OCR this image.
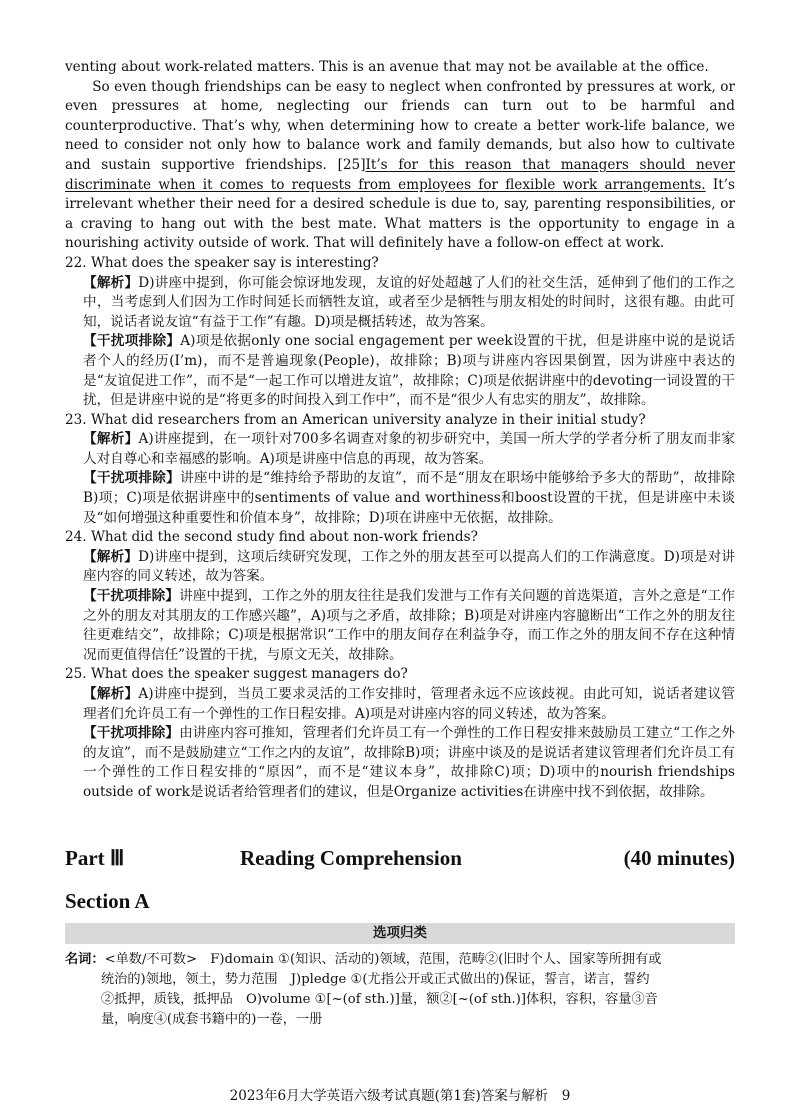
venting about work-related matters. This is an avenue that may not be available at the office.

So even though friendships can be easy to neglect when confronted by pressures at work, or even pressures at home, neglecting our friends can turn out to be harmful and counterproductive. That’s why, when determining how to create a better work-life balance, we need to consider not only how to balance work and family demands, but also how to cultivate and sustain supportive friendships. [25]It’s for this reason that managers should never discriminate when it comes to requests from employees for flexible work arrangements. It’s irrelevant whether their need for a desired schedule is due to, say, parenting responsibilities, or a craving to hang out with the best mate. What matters is the opportunity to engage in a nourishing activity outside of work. That will definitely have a follow-on effect at work.

22. What does the speaker say is interesting?

【解析】D)讲座中提到，你可能会惊讶地发现，友谊的好处超越了人们的社交生活，延伸到了他们的工作之中，当考虑到人们因为工作时间延长而牺牲友谊，或者至少是牺牲与朋友相处的时间时，这很有趣。由此可知，说话者说友谊“有益于工作”有趣。D)项是概括转述，故为答案。

【干扰项排除】A)项是依据only one social engagement per week设置的干扰，但是讲座中说的是说话者个人的经历(I’m)，而不是普遍现象(People)，故排除；B)项与讲座内容因果倒置，因为讲座中表达的是“友谊促进工作”，而不是“一起工作可以增进友谊”，故排除；C)项是依据讲座中的devoting一词设置的干扰，但是讲座中说的是“将更多的时间投入到工作中”，而不是“很少人有忠实的朋友”，故排除。

23. What did researchers from an American university analyze in their initial study?

【解析】A)讲座提到，在一项针对700多名调查对象的初步研究中，美国一所大学的学者分析了朋友而非家人对自尊心和幸福感的影响。A)项是讲座中信息的再现，故为答案。

【干扰项排除】讲座中讲的是“维持给予帮助的友谊”，而不是“朋友在职场中能够给予多大的帮助”，故排除B)项；C)项是依据讲座中的sentiments of value and worthiness和boost设置的干扰，但是讲座中未谈及“如何增强这种重要性和价值本身”，故排除；D)项在讲座中无依据，故排除。

24. What did the second study find about non-work friends?

【解析】D)讲座中提到，这项后续研究发现，工作之外的朋友甚至可以提高人们的工作满意度。D)项是对讲座内容的同义转述，故为答案。

【干扰项排除】讲座中提到，工作之外的朋友往往是我们发泄与工作有关问题的首选渠道，言外之意是“工作之外的朋友对其朋友的工作感兴趣”，A)项与之矛盾，故排除；B)项是对讲座内容臆断出“工作之外的朋友往往更难结交”，故排除；C)项是根据常识“工作中的朋友间存在利益争夺，而工作之外的朋友间不存在这种情况而更值得信任”设置的干扰，与原文无关，故排除。

25. What does the speaker suggest managers do?

【解析】A)讲座中提到，当员工要求灵活的工作安排时，管理者永远不应该歧视。由此可知，说话者建议管理者们允许员工有一个弹性的工作日程安排。A)项是对讲座内容的同义转述，故为答案。

【干扰项排除】由讲座内容可推知，管理者们允许员工有一个弹性的工作日程安排来鼓励员工建立“工作之外的友谊”，而不是鼓励建立“工作之内的友谊”，故排除B)项；讲座中谈及的是说话者建议管理者们允许员工有一个弹性的工作日程安排的“原因”，而不是“建议本身”，故排除C)项；D)项中的nourish friendships outside of work是说话者给管理者们的建议，但是Organize activities在讲座中找不到依据，故排除。

Part Ⅲ	Reading Comprehension	(40 minutes)
Section A
选项归类
名词：<单数/不可数>　F)domain ①(知识、活动的)领域，范围，范畴②(旧时个人、国家等所拥有或
统治的)领地，领土，势力范围　J)pledge ①(尤指公开或正式做出的)保证，誓言，诺言，誓约
②抵押，质钱，抵押品　O)volume ①[~(of sth.)]量，额②[~(of sth.)]体积，容积，容量③音
量，响度④(成套书籍中的)一卷，一册
2023年6月大学英语六级考试真题(第1套)答案与解析　9
